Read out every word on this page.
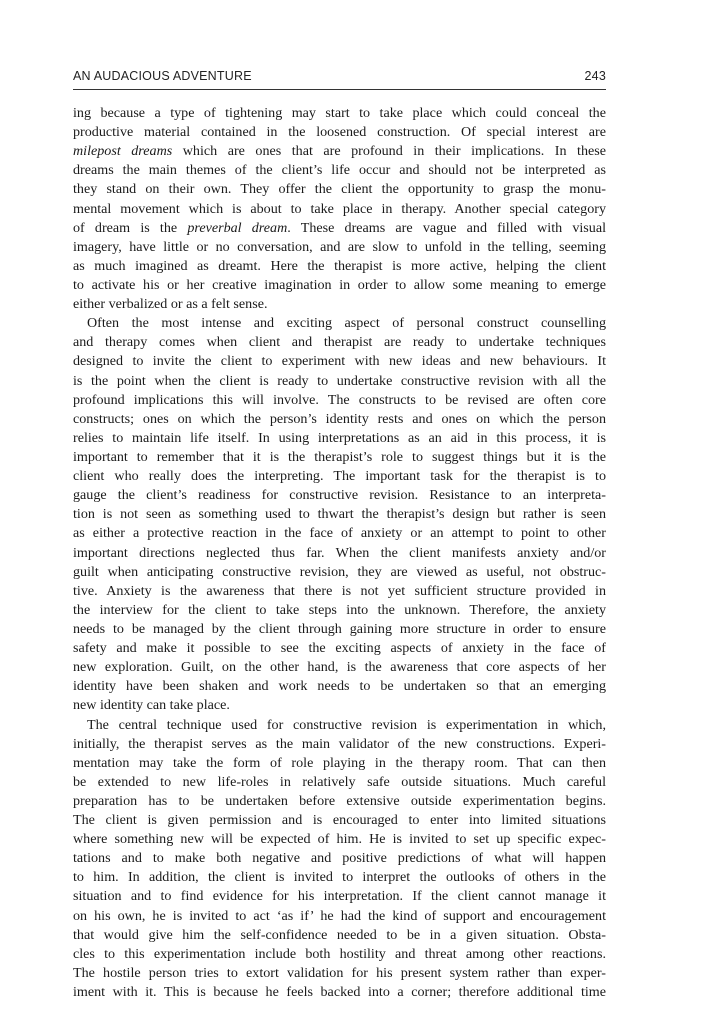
AN AUDACIOUS ADVENTURE	243
ing because a type of tightening may start to take place which could conceal the
productive material contained in the loosened construction. Of special interest are
milepost dreams which are ones that are profound in their implications. In these
dreams the main themes of the client’s life occur and should not be interpreted as
they stand on their own. They offer the client the opportunity to grasp the monu-
mental movement which is about to take place in therapy. Another special category
of dream is the preverbal dream. These dreams are vague and filled with visual
imagery, have little or no conversation, and are slow to unfold in the telling, seeming
as much imagined as dreamt. Here the therapist is more active, helping the client
to activate his or her creative imagination in order to allow some meaning to emerge
either verbalized or as a felt sense.
Often the most intense and exciting aspect of personal construct counselling
and therapy comes when client and therapist are ready to undertake techniques
designed to invite the client to experiment with new ideas and new behaviours. It
is the point when the client is ready to undertake constructive revision with all the
profound implications this will involve. The constructs to be revised are often core
constructs; ones on which the person’s identity rests and ones on which the person
relies to maintain life itself. In using interpretations as an aid in this process, it is
important to remember that it is the therapist’s role to suggest things but it is the
client who really does the interpreting. The important task for the therapist is to
gauge the client’s readiness for constructive revision. Resistance to an interpreta-
tion is not seen as something used to thwart the therapist’s design but rather is seen
as either a protective reaction in the face of anxiety or an attempt to point to other
important directions neglected thus far. When the client manifests anxiety and/or
guilt when anticipating constructive revision, they are viewed as useful, not obstruc-
tive. Anxiety is the awareness that there is not yet sufficient structure provided in
the interview for the client to take steps into the unknown. Therefore, the anxiety
needs to be managed by the client through gaining more structure in order to ensure
safety and make it possible to see the exciting aspects of anxiety in the face of
new exploration. Guilt, on the other hand, is the awareness that core aspects of her
identity have been shaken and work needs to be undertaken so that an emerging
new identity can take place.
The central technique used for constructive revision is experimentation in which,
initially, the therapist serves as the main validator of the new constructions. Experi-
mentation may take the form of role playing in the therapy room. That can then
be extended to new life-roles in relatively safe outside situations. Much careful
preparation has to be undertaken before extensive outside experimentation begins.
The client is given permission and is encouraged to enter into limited situations
where something new will be expected of him. He is invited to set up specific expec-
tations and to make both negative and positive predictions of what will happen
to him. In addition, the client is invited to interpret the outlooks of others in the
situation and to find evidence for his interpretation. If the client cannot manage it
on his own, he is invited to act ‘as if’ he had the kind of support and encouragement
that would give him the self-confidence needed to be in a given situation. Obsta-
cles to this experimentation include both hostility and threat among other reactions.
The hostile person tries to extort validation for his present system rather than exper-
iment with it. This is because he feels backed into a corner; therefore additional time
